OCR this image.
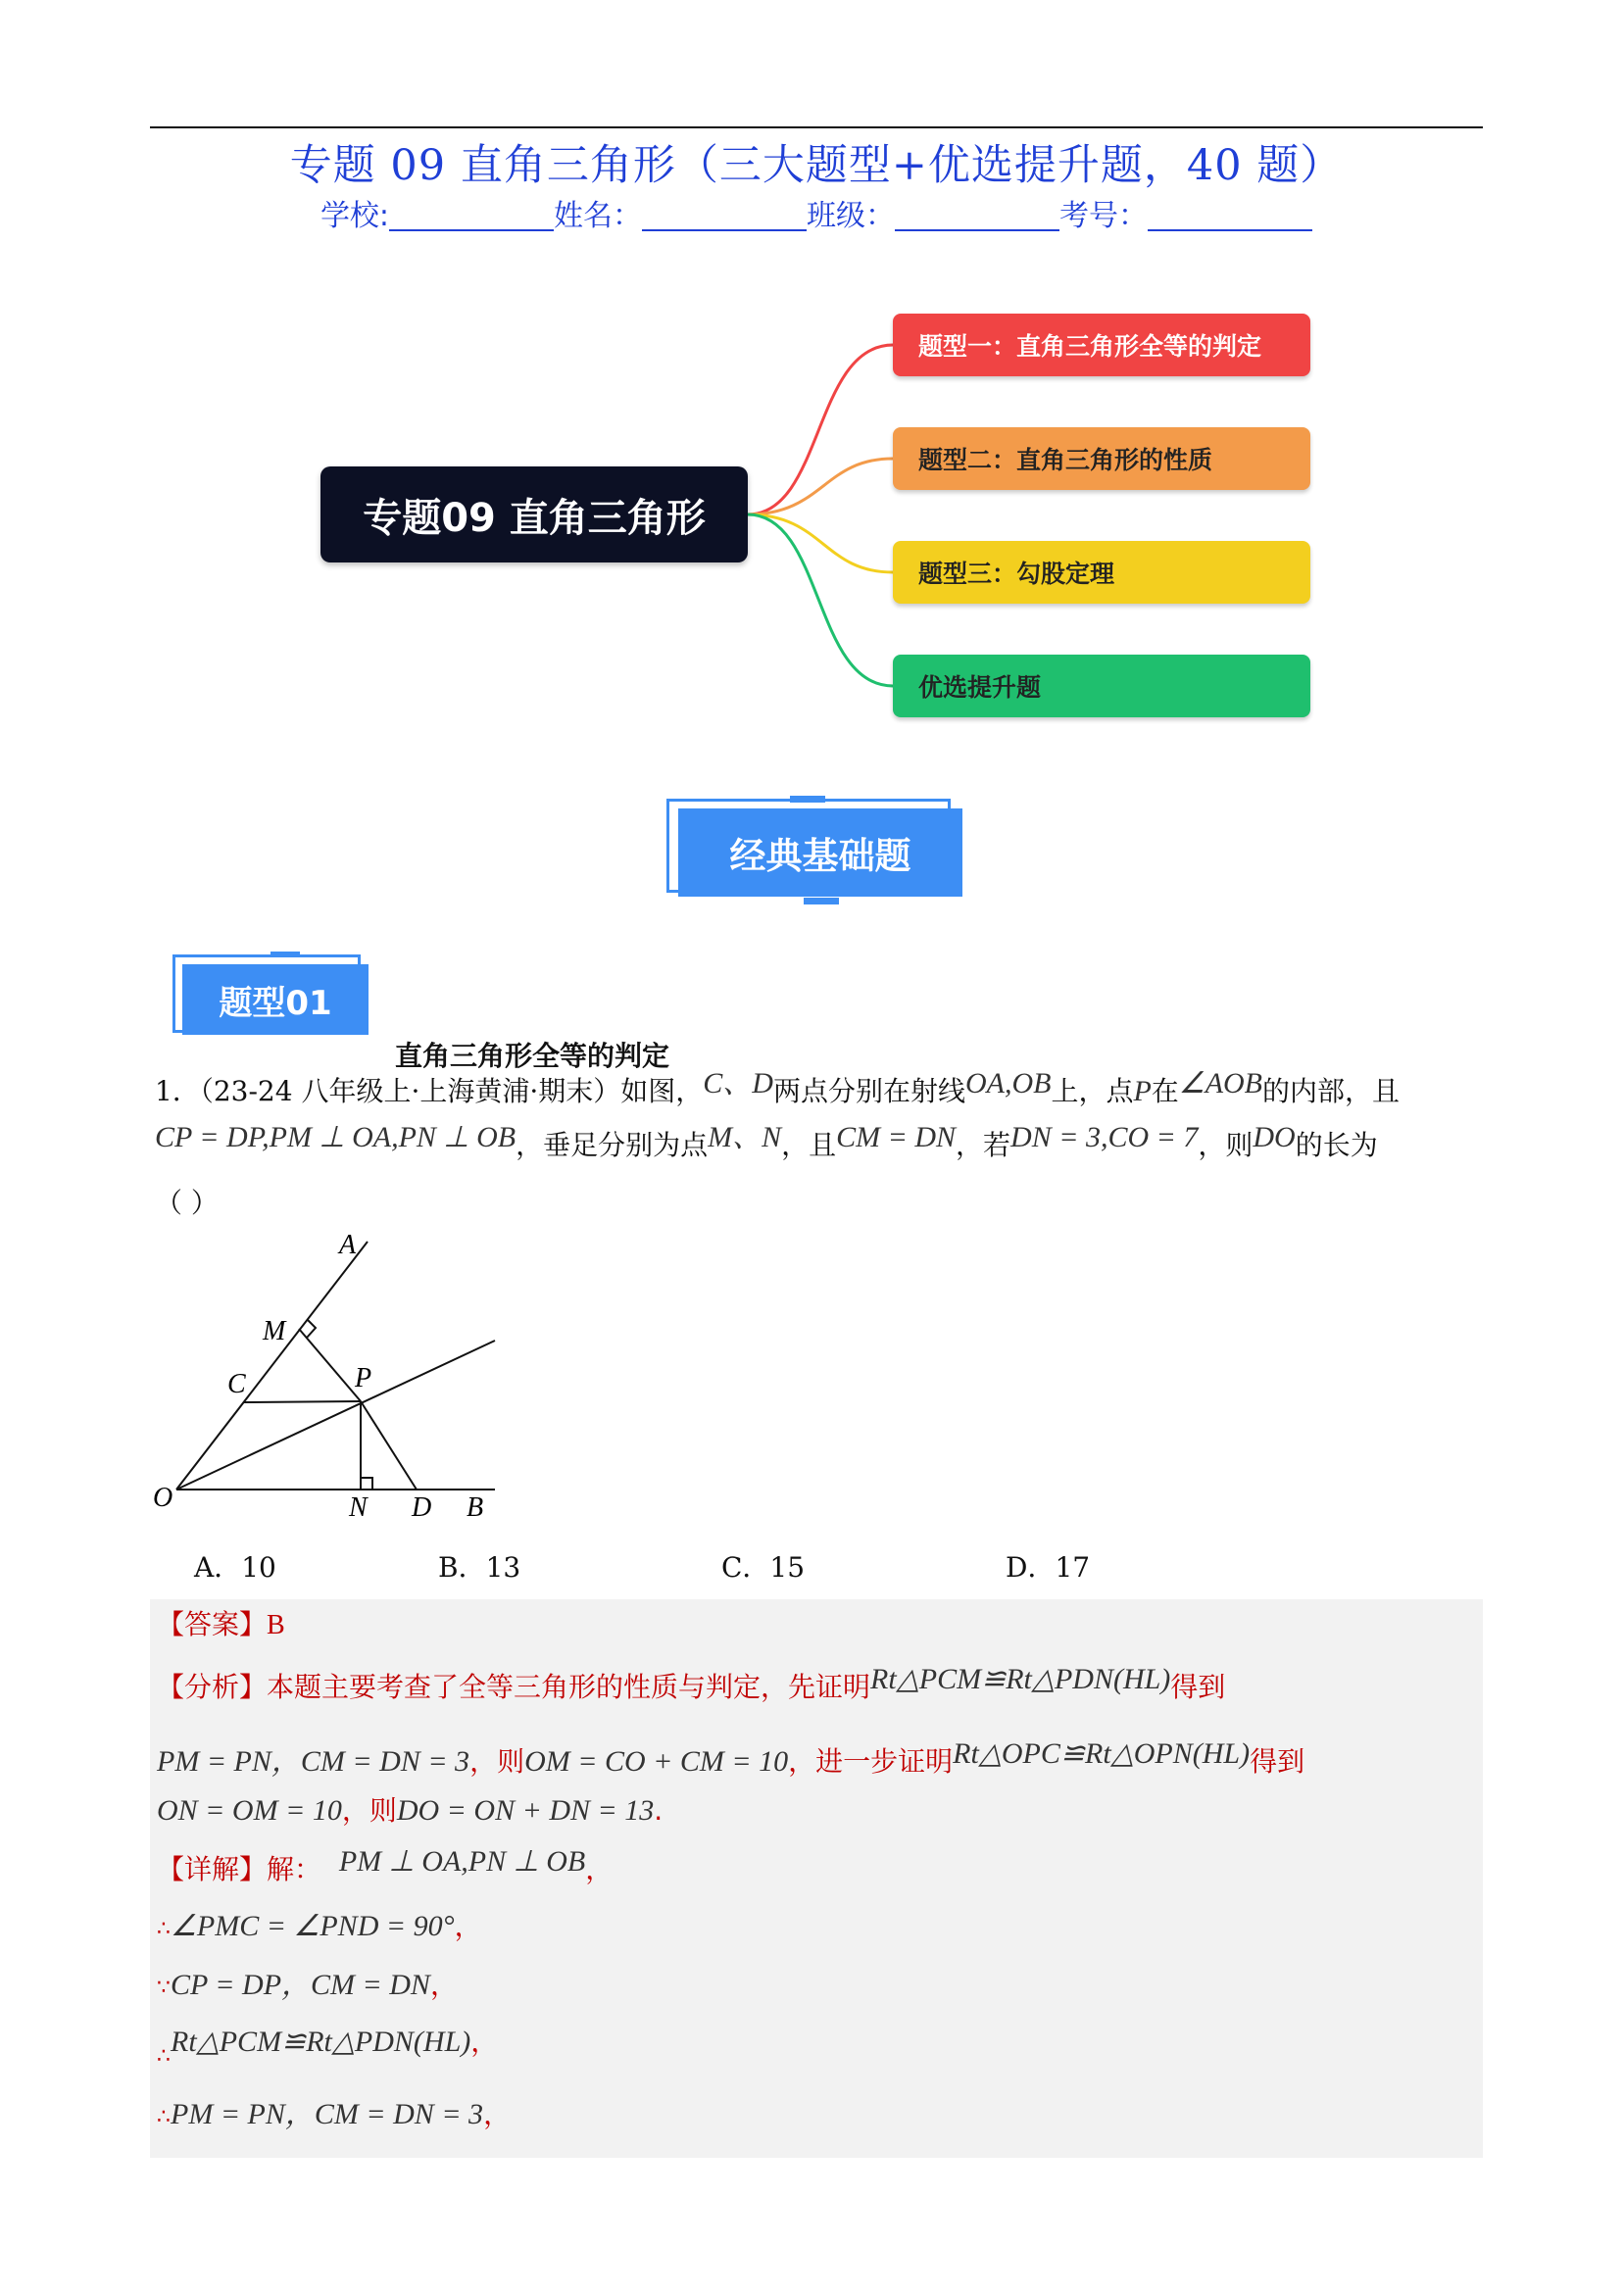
专题 09 直角三角形（三大题型+优选提升题，40 题）
学校:	姓名：	班级：	考号：
专题09 直角三角形
题型一：直角三角形全等的判定
题型二：直角三角形的性质
题型三：勾股定理
优选提升题
经典基础题
题型01
直角三角形全等的判定
1．（23-24 八年级上·上海黄浦·期末）如图，C、D两点分别在射线OA,OB上，点P在∠AOB的内部，且
CP = DP,PM ⊥ OA,PN ⊥ OB，垂足分别为点M、N，且CM = DN，若DN = 3,CO = 7，则DO的长为
（ ）
A
M
C	P
O	N D B
A．10	B．13	C．15	D．17
【答案】B
【分析】本题主要考查了全等三角形的性质与判定，先证明Rt△PCM≌Rt△PDN(HL)得到
PM = PN，CM = DN = 3，则OM = CO + CM = 10，进一步证明Rt△OPC≌Rt△OPN(HL)得到
ON = OM = 10，则DO = ON + DN = 13.
【详解】解： PM ⊥ OA,PN ⊥ OB，
∴∠PMC = ∠PND = 90°，
∵CP = DP，CM = DN，
$_\therefore$Rt△PCM≌Rt△PDN(HL)，
∴PM = PN，CM = DN = 3，
